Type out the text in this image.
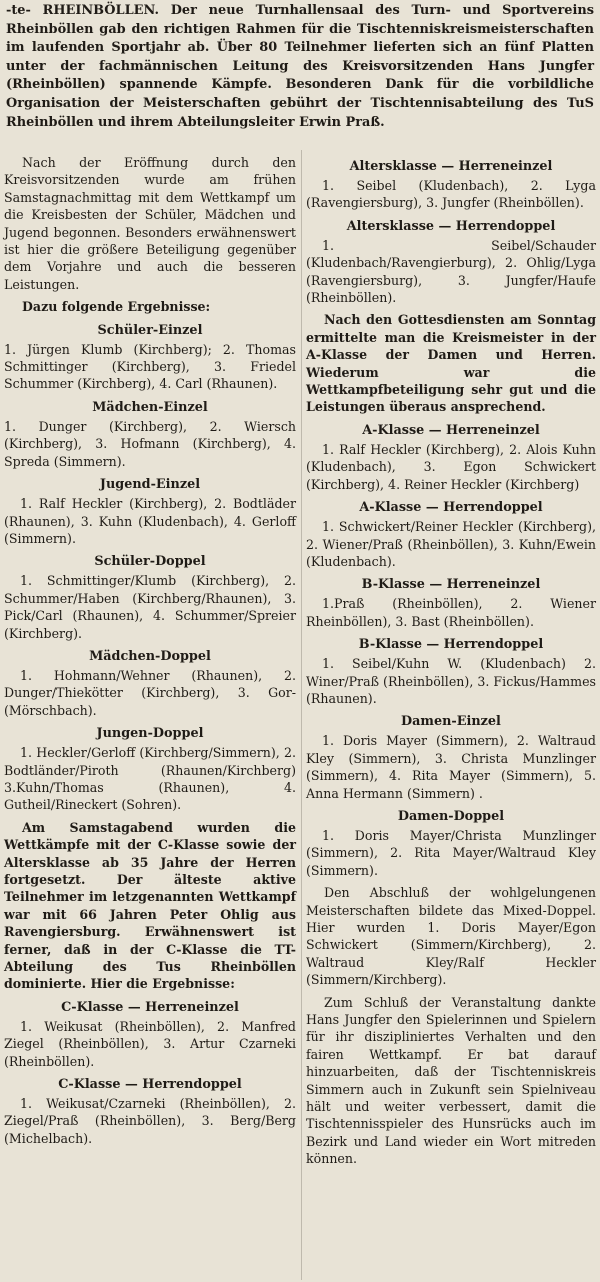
-te- RHEINBÖLLEN. Der neue Turnhallensaal des Turn- und Sportvereins Rheinböllen gab den richtigen Rahmen für die Tischtenniskreismeisterschaften im laufenden Sportjahr ab. Über 80 Teilnehmer lieferten sich an fünf Platten unter der fachmännischen Leitung des Kreisvorsitzenden Hans Jungfer (Rheinböllen) spannende Kämpfe. Besonderen Dank für die vorbildliche Organisation der Meisterschaften gebührt der Tischtennisabteilung des TuS Rheinböllen und ihrem Abteilungsleiter Erwin Praß.

Nach der Eröffnung durch den Kreisvorsitzenden wurde am frühen Samstagnachmittag mit dem Wettkampf um die Kreisbesten der Schüler, Mädchen und Jugend begonnen. Besonders erwähnenswert ist hier die größere Beteiligung gegenüber dem Vorjahre und auch die besseren Leistungen.

Dazu folgende Ergebnisse:

Schüler-Einzel

1. Jürgen Klumb (Kirchberg); 2. Thomas Schmittinger (Kirchberg), 3. Friedel Schummer (Kirchberg), 4. Carl (Rhaunen).

Mädchen-Einzel

1. Dunger (Kirchberg), 2. Wiersch (Kirchberg), 3. Hofmann (Kirchberg), 4. Spreda (Simmern).

Jugend-Einzel

1. Ralf Heckler (Kirchberg), 2. Bodtläder (Rhaunen), 3. Kuhn (Kludenbach), 4. Gerloff (Simmern).

Schüler-Doppel

1. Schmittinger/Klumb (Kirchberg), 2. Schummer/Haben (Kirchberg/Rhaunen), 3. Pick/Carl (Rhaunen), 4. Schummer/Spreier (Kirchberg).

Mädchen-Doppel

1. Hohmann/Wehner (Rhaunen), 2. Dunger/Thiekötter (Kirchberg), 3. Gor- (Mörschbach).

Jungen-Doppel

1. Heckler/Gerloff (Kirchberg/Simmern), 2. Bodtländer/Piroth (Rhaunen/Kirchberg) 3.Kuhn/Thomas (Rhaunen), 4. Gutheil/Rineckert (Sohren).

Am Samstagabend wurden die Wettkämpfe mit der C-Klasse sowie der Altersklasse ab 35 Jahre der Herren fortgesetzt. Der älteste aktive Teilnehmer im letzgenannten Wettkampf war mit 66 Jahren Peter Ohlig aus Ravengiersburg. Erwähnenswert ist ferner, daß in der C-Klasse die TT-Abteilung des Tus Rheinböllen dominierte. Hier die Ergebnisse:

C-Klasse — Herreneinzel

1. Weikusat (Rheinböllen), 2. Manfred Ziegel (Rheinböllen), 3. Artur Czarneki (Rheinböllen).

C-Klasse — Herrendoppel

1. Weikusat/Czarneki (Rheinböllen), 2. Ziegel/Praß (Rheinböllen), 3. Berg/Berg (Michelbach).

Altersklasse — Herreneinzel

1. Seibel (Kludenbach), 2. Lyga (Ravengiersburg), 3. Jungfer (Rheinböllen).

Altersklasse — Herrendoppel

1. Seibel/Schauder (Kludenbach/Ravengierburg), 2. Ohlig/Lyga (Ravengiersburg), 3. Jungfer/Haufe (Rheinböllen).

Nach den Gottesdiensten am Sonntag ermittelte man die Kreismeister in der A-Klasse der Damen und Herren. Wiederum war die Wettkampfbeteiligung sehr gut und die Leistungen überaus ansprechend.

A-Klasse — Herreneinzel

1. Ralf Heckler (Kirchberg), 2. Alois Kuhn (Kludenbach), 3. Egon Schwickert (Kirchberg), 4. Reiner Heckler (Kirchberg)

A-Klasse — Herrendoppel

1. Schwickert/Reiner Heckler (Kirchberg), 2. Wiener/Praß (Rheinböllen), 3. Kuhn/Ewein (Kludenbach).

B-Klasse — Herreneinzel

1.Praß (Rheinböllen), 2. Wiener Rheinböllen), 3. Bast (Rheinböllen).

B-Klasse — Herrendoppel

1. Seibel/Kuhn W. (Kludenbach) 2. Winer/Praß (Rheinböllen), 3. Fickus/Hammes (Rhaunen).

Damen-Einzel

1. Doris Mayer (Simmern), 2. Waltraud Kley (Simmern), 3. Christa Munzlinger (Simmern), 4. Rita Mayer (Simmern), 5. Anna Hermann (Simmern) .

Damen-Doppel

1. Doris Mayer/Christa Munzlinger (Simmern), 2. Rita Mayer/Waltraud Kley (Simmern).

Den Abschluß der wohlgelungenen Meisterschaften bildete das Mixed-Doppel. Hier wurden 1. Doris Mayer/Egon Schwickert (Simmern/Kirchberg), 2. Waltraud Kley/Ralf Heckler (Simmern/Kirchberg).

Zum Schluß der Veranstaltung dankte Hans Jungfer den Spielerinnen und Spielern für ihr diszipliniertes Verhalten und den fairen Wettkampf. Er bat darauf hinzuarbeiten, daß der Tischtenniskreis Simmern auch in Zukunft sein Spielniveau hält und weiter verbessert, damit die Tischtennisspieler des Hunsrücks auch im Bezirk und Land wieder ein Wort mitreden können.
